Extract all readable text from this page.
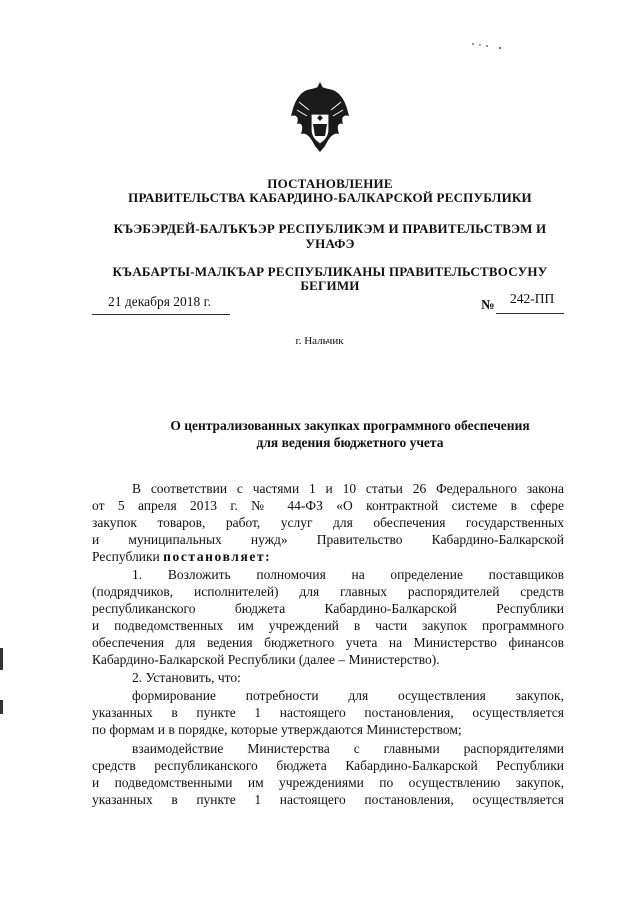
ПОСТАНОВЛЕНИЕ
ПРАВИТЕЛЬСТВА КАБАРДИНО-БАЛКАРСКОЙ РЕСПУБЛИКИ
КЪЭБЭРДЕЙ-БАЛЪКЪЭР РЕСПУБЛИКЭМ И ПРАВИТЕЛЬСТВЭМ И
УНАФЭ
КЪАБАРТЫ-МАЛКЪАР РЕСПУБЛИКАНЫ ПРАВИТЕЛЬСТВОСУНУ
БЕГИМИ
21 декабря 2018 г.	№ 242-ПП
г. Нальчик
О централизованных закупках программного обеспечения
для ведения бюджетного учета
В соответствии с частями 1 и 10 статьи 26 Федерального закона
от 5 апреля 2013 г. № 44-ФЗ «О контрактной системе в сфере
закупок товаров, работ, услуг для обеспечения государственных
и муниципальных нужд» Правительство Кабардино-Балкарской
Республики постановляет:
1. Возложить полномочия на определение поставщиков
(подрядчиков, исполнителей) для главных распорядителей средств
республиканского бюджета Кабардино-Балкарской Республики
и подведомственных им учреждений в части закупок программного
обеспечения для ведения бюджетного учета на Министерство финансов
Кабардино-Балкарской Республики (далее – Министерство).
2. Установить, что:
формирование потребности для осуществления закупок,
указанных в пункте 1 настоящего постановления, осуществляется
по формам и в порядке, которые утверждаются Министерством;
взаимодействие Министерства с главными распорядителями
средств республиканского бюджета Кабардино-Балкарской Республики
и подведомственными им учреждениями по осуществлению закупок,
указанных в пункте 1 настоящего постановления, осуществляется
